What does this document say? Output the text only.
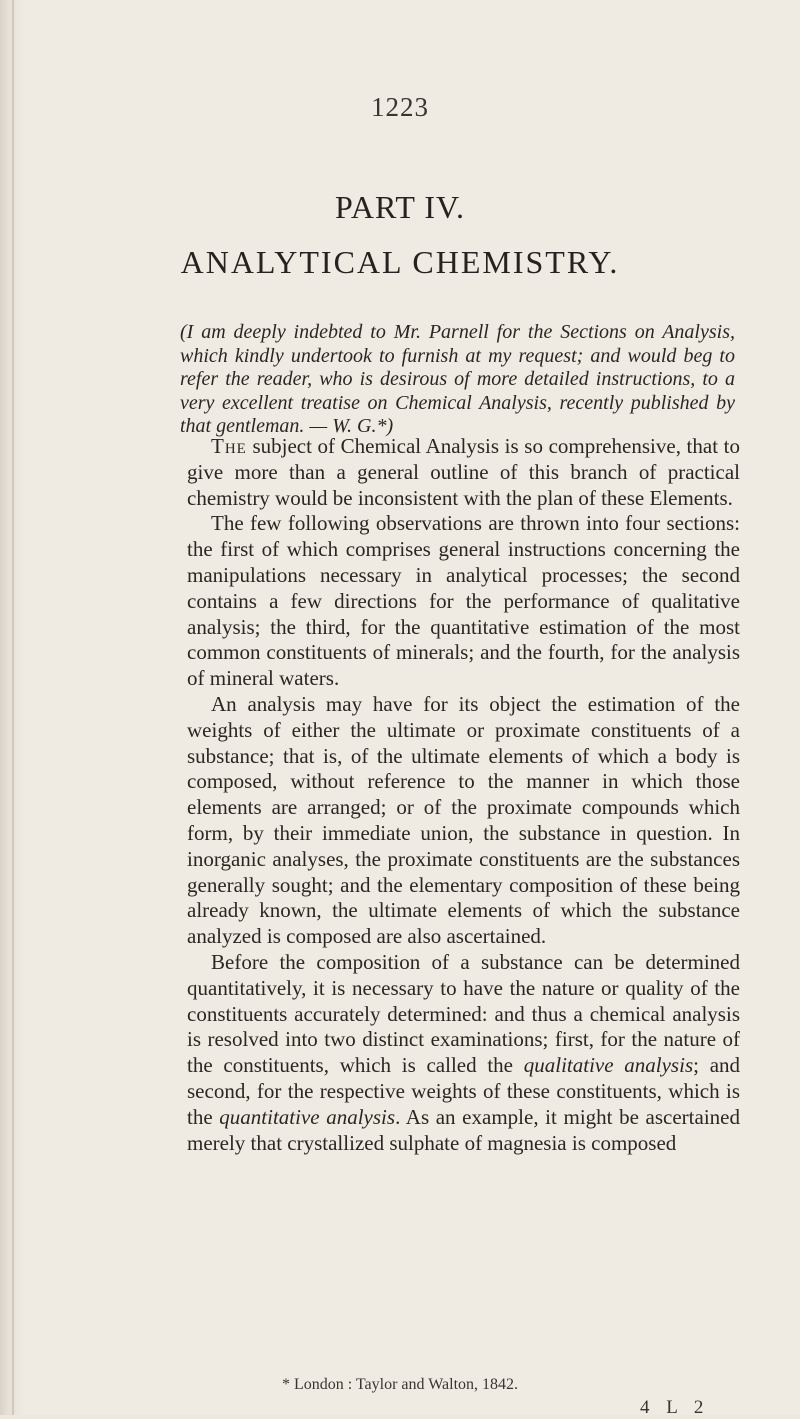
1223
PART IV.
ANALYTICAL CHEMISTRY.
(I am deeply indebted to Mr. Parnell for the Sections on Analysis, which kindly undertook to furnish at my request; and would beg to refer the reader, who is desirous of more detailed instructions, to a very excellent treatise on Chemical Analysis, recently published by that gentleman. — W. G.*)

The subject of Chemical Analysis is so comprehensive, that to give more than a general outline of this branch of practical chemistry would be inconsistent with the plan of these Elements.

The few following observations are thrown into four sections: the first of which comprises general instructions concerning the manipulations necessary in analytical processes; the second contains a few directions for the performance of qualitative analysis; the third, for the quantitative estimation of the most common constituents of minerals; and the fourth, for the analysis of mineral waters.

An analysis may have for its object the estimation of the weights of either the ultimate or proximate constituents of a substance; that is, of the ultimate elements of which a body is composed, without reference to the manner in which those elements are arranged; or of the proximate compounds which form, by their immediate union, the substance in question. In inorganic analyses, the proximate constituents are the substances generally sought; and the elementary composition of these being already known, the ultimate elements of which the substance analyzed is composed are also ascertained.

Before the composition of a substance can be determined quantitatively, it is necessary to have the nature or quality of the constituents accurately determined: and thus a chemical analysis is resolved into two distinct examinations; first, for the nature of the constituents, which is called the qualitative analysis; and second, for the respective weights of these constituents, which is the quantitative analysis. As an example, it might be ascertained merely that crystallized sulphate of magnesia is composed

* London : Taylor and Walton, 1842.
4 L 2
